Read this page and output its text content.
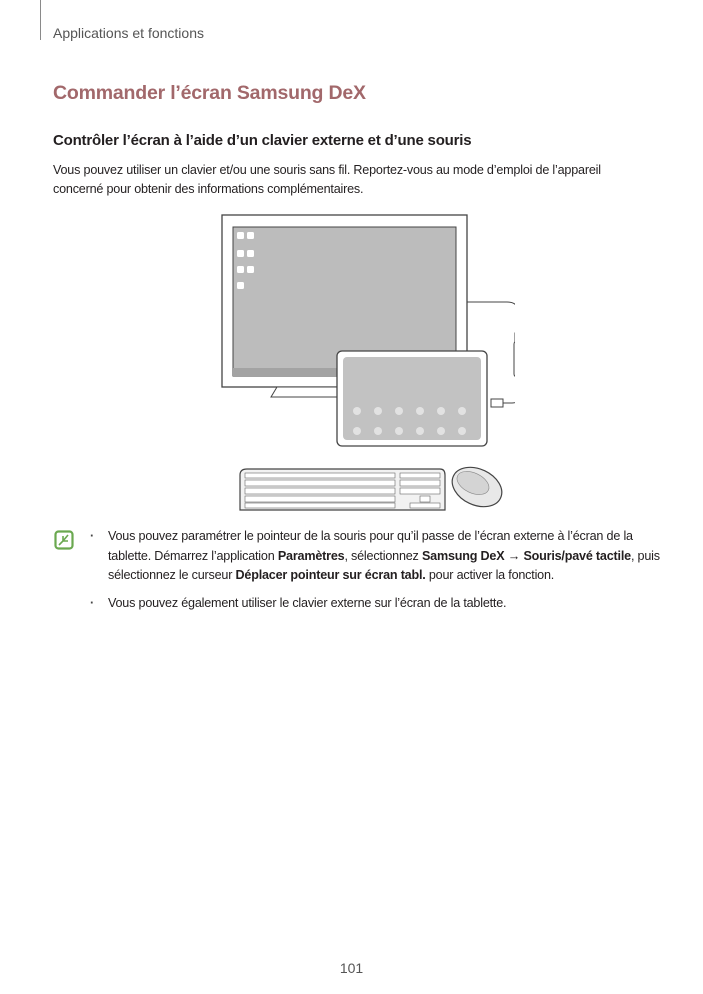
Applications et fonctions
Commander l’écran Samsung DeX
Contrôler l’écran à l’aide d’un clavier externe et d’une souris
Vous pouvez utiliser un clavier et/ou une souris sans fil. Reportez-vous au mode d’emploi de l’appareil concerné pour obtenir des informations complémentaires.
· Vous pouvez paramétrer le pointeur de la souris pour qu’il passe de l’écran externe à l’écran de la tablette. Démarrez l’application Paramètres, sélectionnez Samsung DeX → Souris/pavé tactile, puis sélectionnez le curseur Déplacer pointeur sur écran tabl. pour activer la fonction.
· Vous pouvez également utiliser le clavier externe sur l’écran de la tablette.
101
